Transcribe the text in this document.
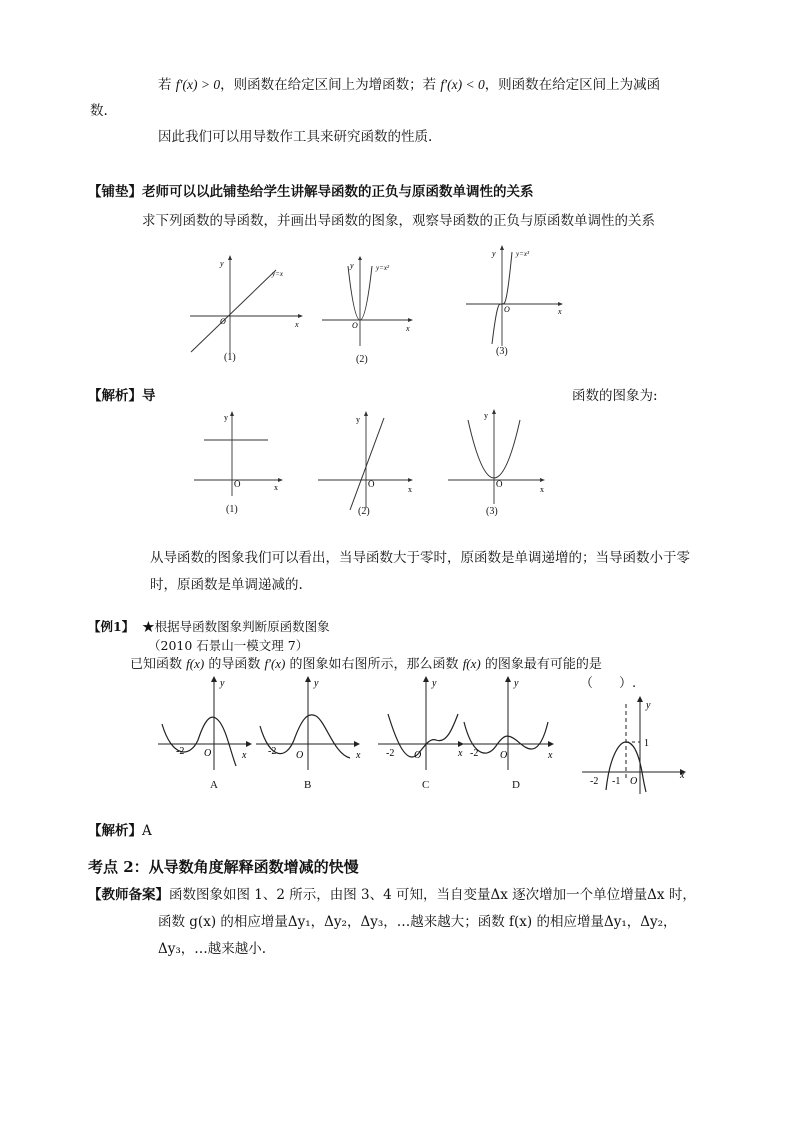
若 f′(x) > 0，则函数在给定区间上为增函数；若 f′(x) < 0，则函数在给定区间上为减函
数.
因此我们可以用导数作工具来研究函数的性质.
【铺垫】老师可以以此铺垫给学生讲解导函数的正负与原函数单调性的关系
求下列函数的导函数，并画出导函数的图象，观察导函数的正负与原函数单调性的关系
y=x
O	x
y
(1)
y=x²
O	x
y
(2)
y=x³
O	x
y
(3)
【解析】导	函数的图象为:
O	x
y
(1)
O
x
y
(2)
O
x
y
(3)
从导函数的图象我们可以看出，当导函数大于零时，原函数是单调递增的；当导函数小于零
时，原函数是单调递减的.
【例1】 ★根据导函数图象判断原函数图象
（2010 石景山一模文理 7）
已知函数 f(x) 的导函数 f′(x) 的图象如右图所示，那么函数 f(x) 的图象最有可能的是
（　　）.
-2 O	x
y
A
-2 O	x
y
B
-2 O	x
y
C
-2 O	x
y
D
1
-2 -1 O
x
y
【解析】A
考点 2：从导数角度解释函数增减的快慢
【教师备案】函数图象如图 1、2 所示，由图 3、4 可知，当自变量Δx 逐次增加一个单位增量Δx 时，
函数 g(x) 的相应增量Δy₁，Δy₂，Δy₃，…越来越大；函数 f(x) 的相应增量Δy₁，Δy₂，
Δy₃，…越来越小.
